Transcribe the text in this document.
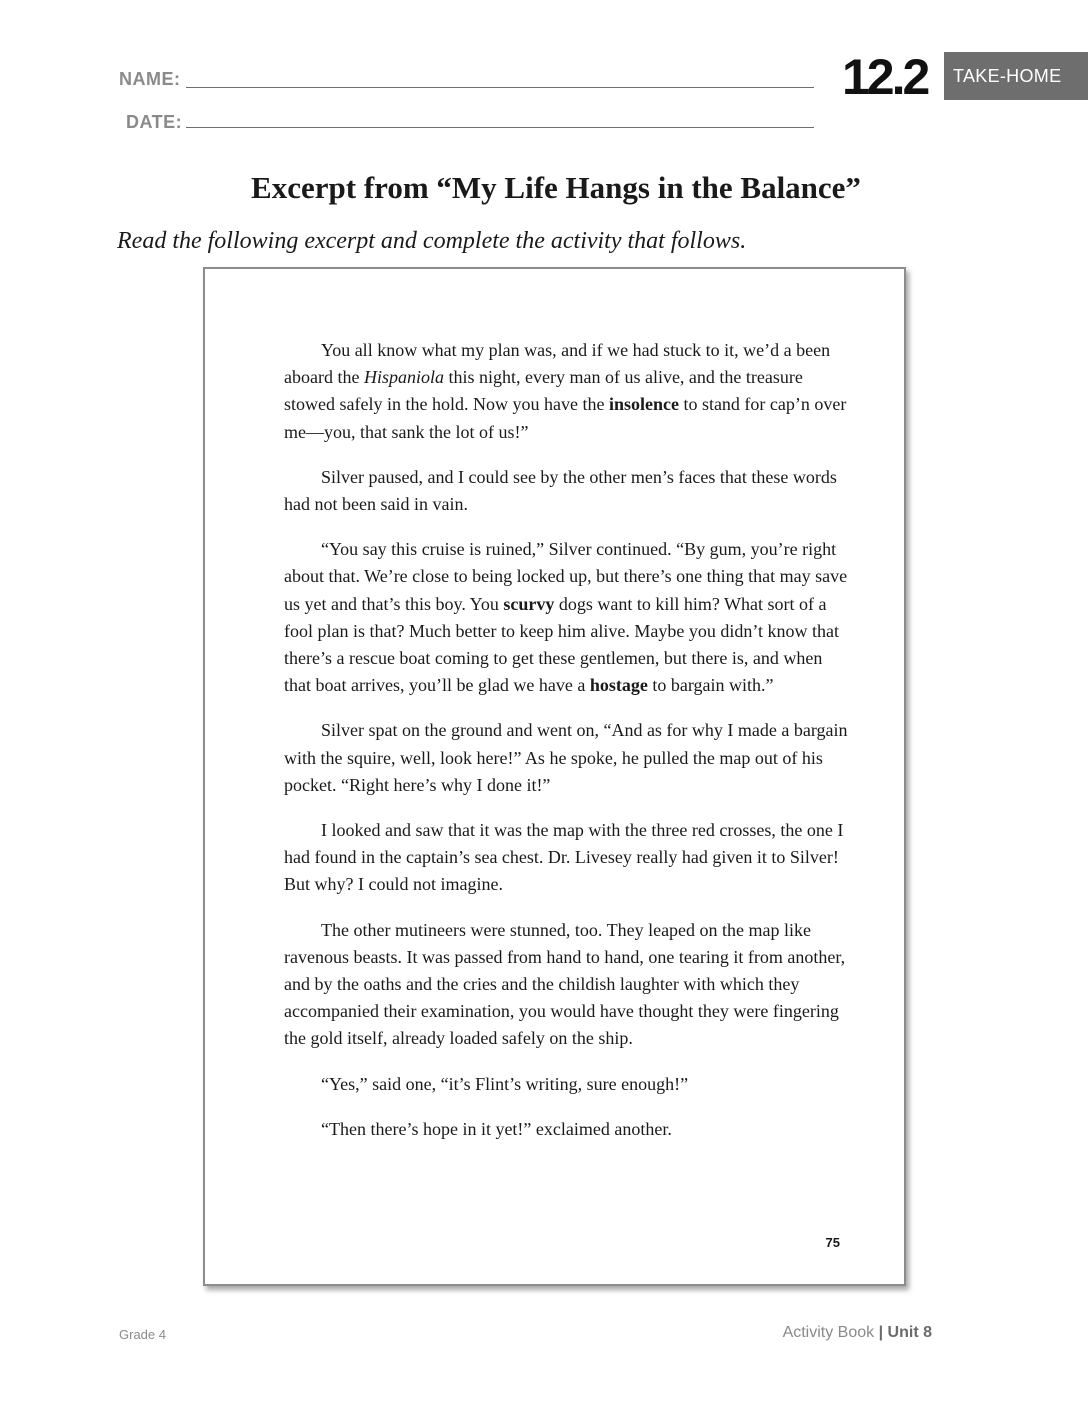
NAME:
DATE:
12.2	TAKE-HOME
Excerpt from “My Life Hangs in the Balance”

Read the following excerpt and complete the activity that follows.

You all know what my plan was, and if we had stuck to it, we’d a been aboard the Hispaniola this night, every man of us alive, and the treasure stowed safely in the hold. Now you have the insolence to stand for cap’n over me—you, that sank the lot of us!”

Silver paused, and I could see by the other men’s faces that these words had not been said in vain.

“You say this cruise is ruined,” Silver continued. “By gum, you’re right about that. We’re close to being locked up, but there’s one thing that may save us yet and that’s this boy. You scurvy dogs want to kill him? What sort of a fool plan is that? Much better to keep him alive. Maybe you didn’t know that there’s a rescue boat coming to get these gentlemen, but there is, and when that boat arrives, you’ll be glad we have a hostage to bargain with.”

Silver spat on the ground and went on, “And as for why I made a bargain with the squire, well, look here!” As he spoke, he pulled the map out of his pocket. “Right here’s why I done it!”

I looked and saw that it was the map with the three red crosses, the one I had found in the captain’s sea chest. Dr. Livesey really had given it to Silver! But why? I could not imagine.

The other mutineers were stunned, too. They leaped on the map like ravenous beasts. It was passed from hand to hand, one tearing it from another, and by the oaths and the cries and the childish laughter with which they accompanied their examination, you would have thought they were fingering the gold itself, already loaded safely on the ship.

“Yes,” said one, “it’s Flint’s writing, sure enough!”

“Then there’s hope in it yet!” exclaimed another.

75
Grade 4	Activity Book | Unit 8
